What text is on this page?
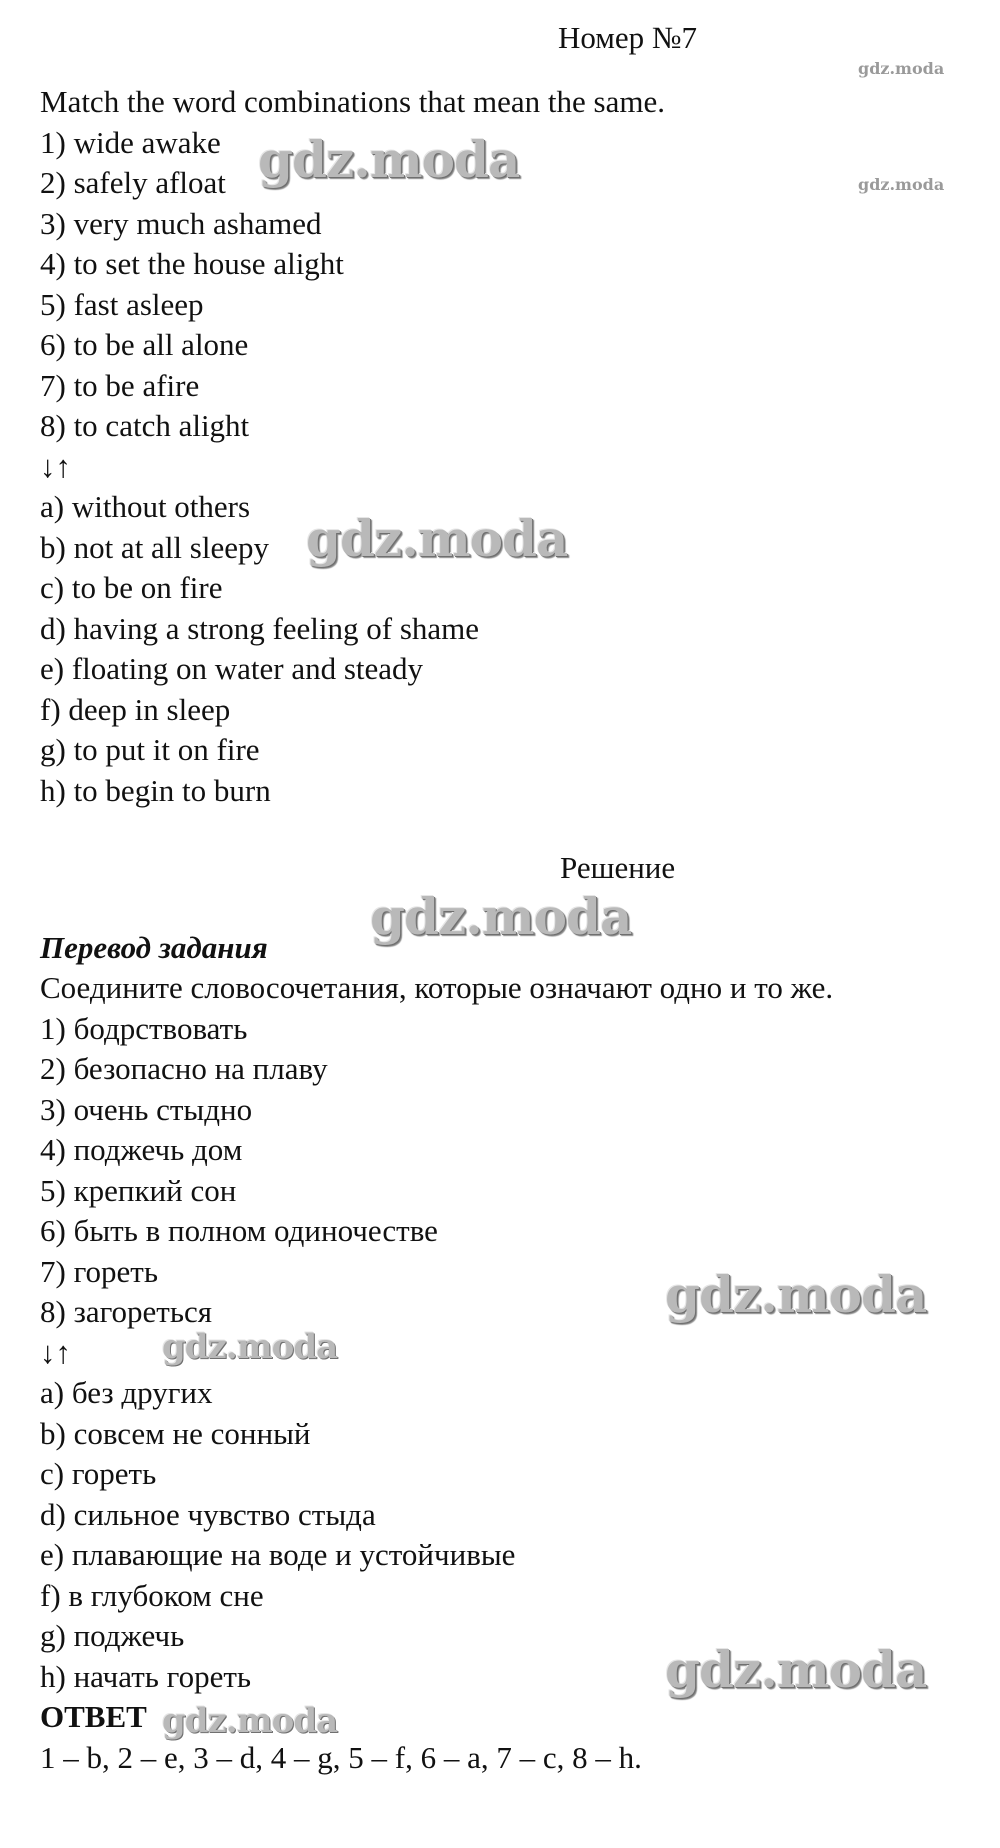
Номер №7
Match the word combinations that mean the same.
1) wide awake
2) safely afloat
3) very much ashamed
4) to set the house alight
5) fast asleep
6) to be all alone
7) to be afire
8) to catch alight
↓↑
a) without others
b) not at all sleepy
c) to be on fire
d) having a strong feeling of shame
e) floating on water and steady
f) deep in sleep
g) to put it on fire
h) to begin to burn
Решение
Перевод задания
Соедините словосочетания, которые означают одно и то же.
1) бодрствовать
2) безопасно на плаву
3) очень стыдно
4) поджечь дом
5) крепкий сон
6) быть в полном одиночестве
7) гореть
8) загореться
↓↑
a) без других
b) совсем не сонный
c) гореть
d) сильное чувство стыда
e) плавающие на воде и устойчивые
f) в глубоком сне
g) поджечь
h) начать гореть
ОТВЕТ
1 – b, 2 – e, 3 – d, 4 – g, 5 – f, 6 – a, 7 – c, 8 – h.
gdz.moda
gdz.moda
gdz.moda
gdz.moda
gdz.moda
gdz.moda
gdz.moda
gdz.moda
gdz.moda
